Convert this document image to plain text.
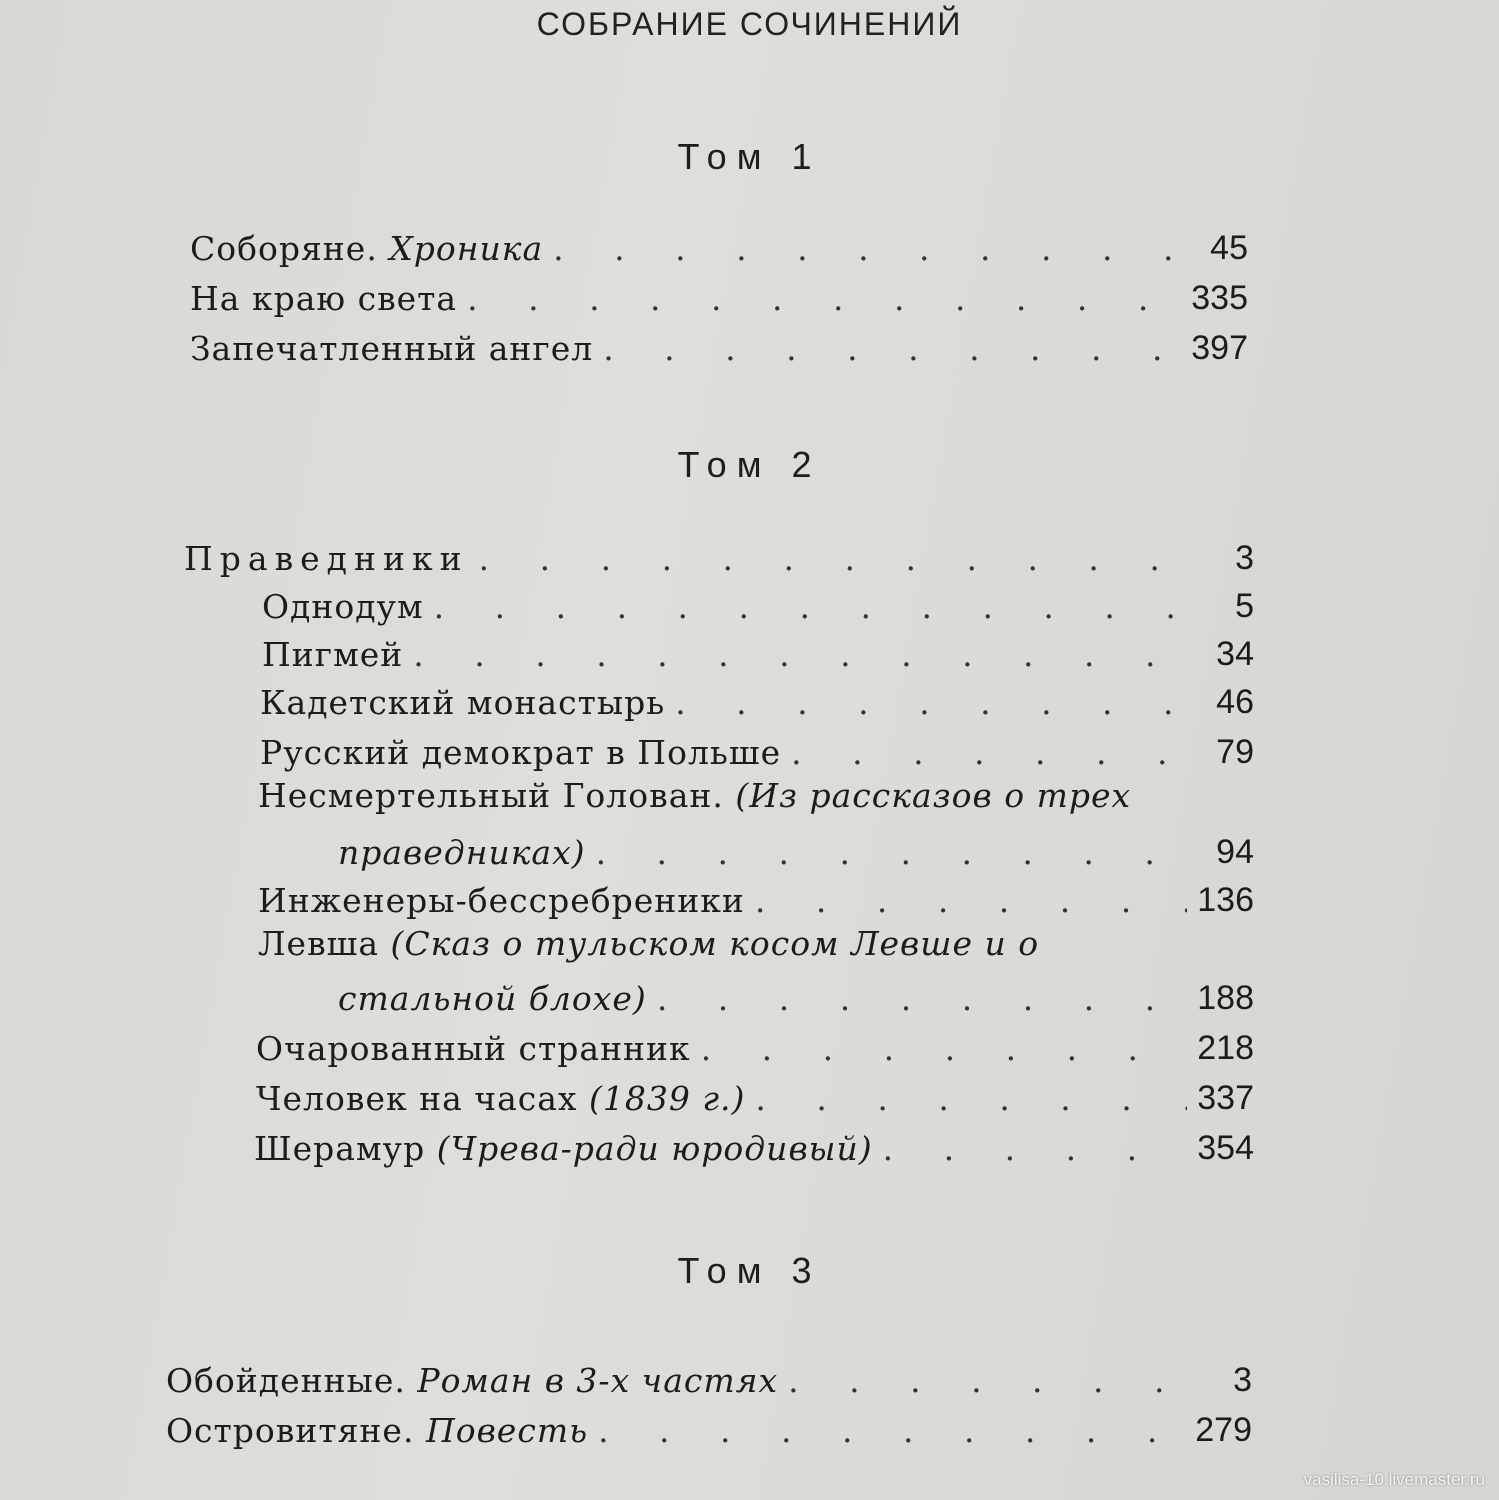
СОБРАНИЕ СОЧИНЕНИЙ
Том 1
Соборяне. Хроника . . .	45
На краю света . . .	335
Запечатленный ангел . . .	397
Том 2
Праведники . . .	3
Однодум . . .	5
Пигмей . . .	34
Кадетский монастырь . . .	46
Русский демократ в Польше . . .	79
Несмертельный Голован. (Из рассказов о трех
праведниках) . . .	94
Инженеры-бессребреники . . .	136
Левша (Сказ о тульском косом Левше и о
стальной блохе) . . .	188
Очарованный странник . . .	218
Человек на часах (1839 г.) . . .	337
Шерамур (Чрева-ради юродивый) . . .	354
Том 3
Обойденные. Роман в 3-х частях . . .	3
Островитяне. Повесть . . .	279
vasilisa-10.livemaster.ru
